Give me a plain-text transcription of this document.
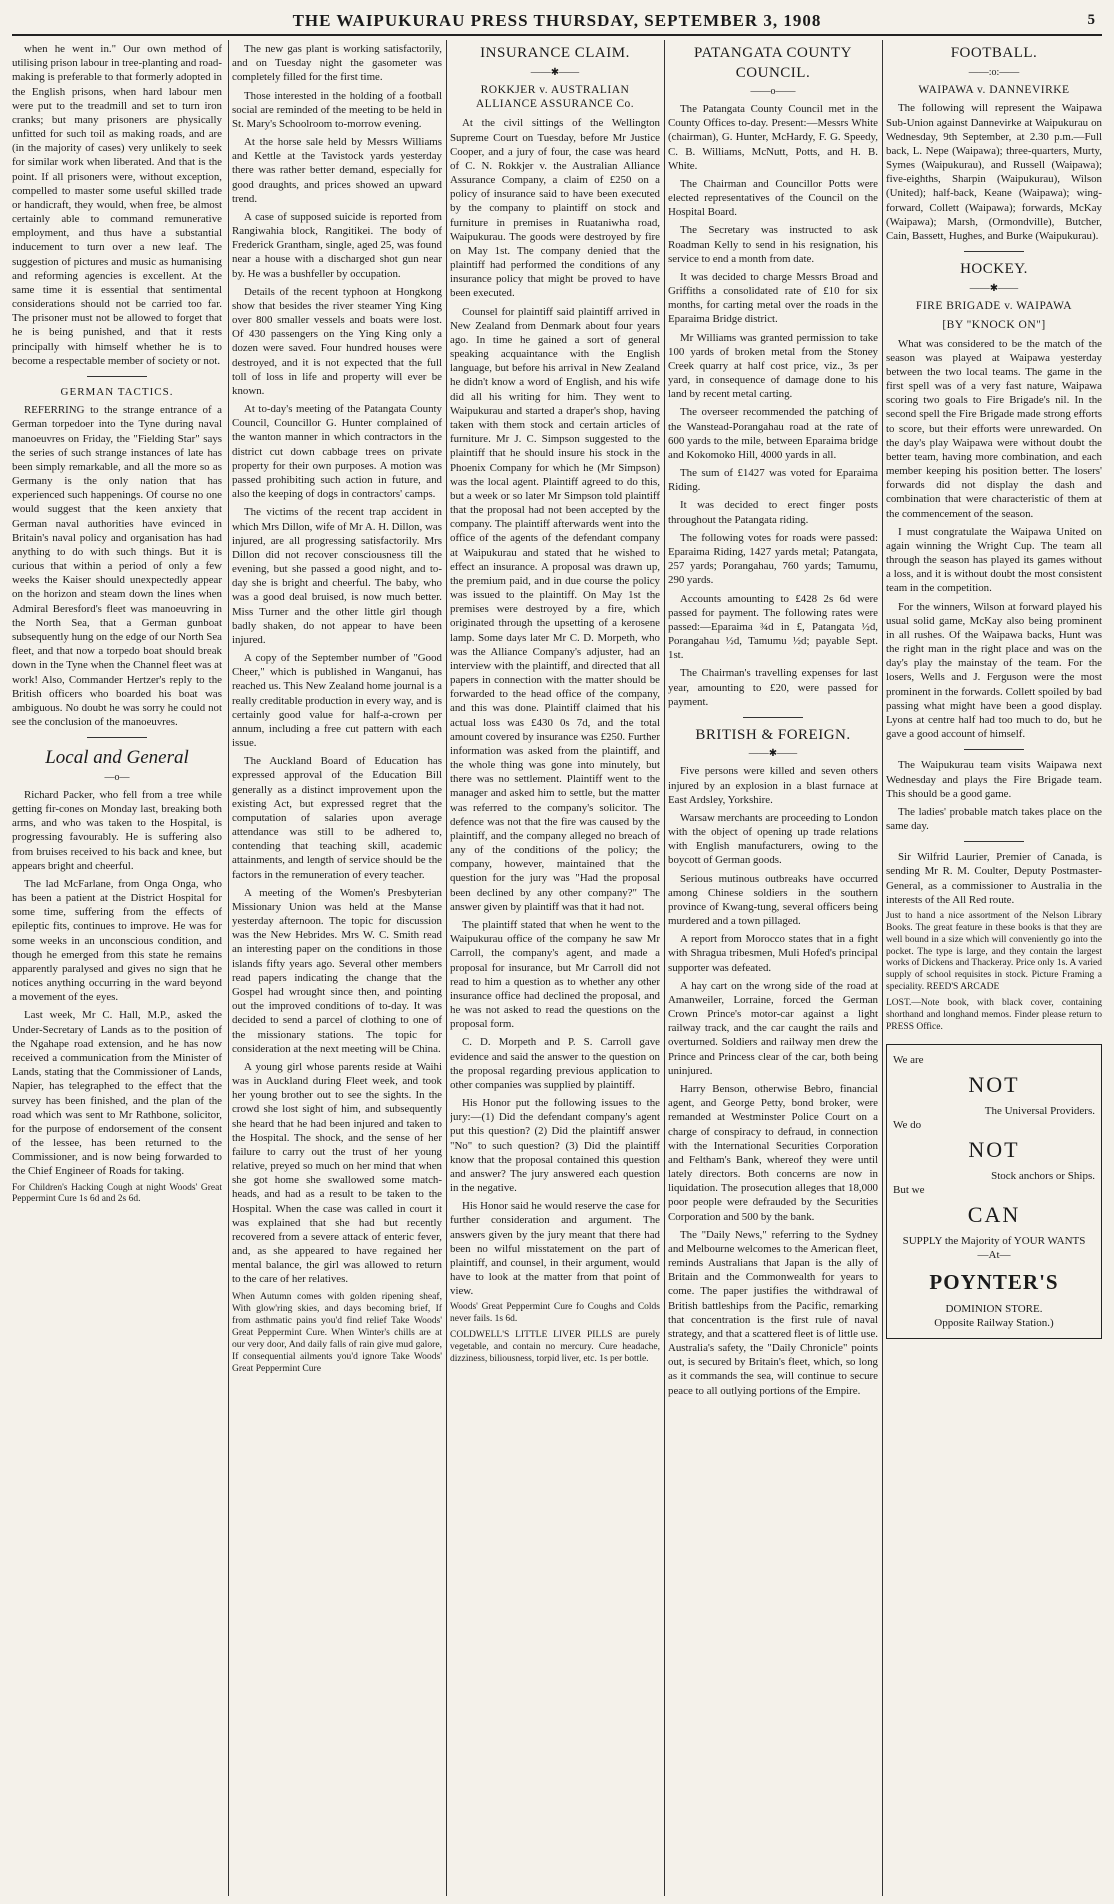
THE WAIPUKURAU PRESS THURSDAY, SEPTEMBER 3, 1908	5

when he went in." Our own method of utilising prison labour in tree-planting and road-making is preferable to that formerly adopted in the English prisons, when hard labour men were put to the treadmill and set to turn iron cranks; but many prisoners are physically unfitted for such toil as making roads, and are (in the majority of cases) very unlikely to seek for similar work when liberated. And that is the point. If all prisoners were, without exception, compelled to master some useful skilled trade or handicraft, they would, when free, be almost certainly able to command remunerative employment, and thus have a substantial inducement to turn over a new leaf. The suggestion of pictures and music as humanising and reforming agencies is excellent. At the same time it is essential that sentimental considerations should not be carried too far. The prisoner must not be allowed to forget that he is being punished, and that it rests principally with himself whether he is to become a respectable member of society or not.

GERMAN TACTICS.

REFERRING to the strange entrance of a German torpedoer into the Tyne during naval manoeuvres on Friday, the "Fielding Star" says the series of such strange instances of late has been simply remarkable, and all the more so as Germany is the only nation that has experienced such happenings. Of course no one would suggest that the keen anxiety that German naval authorities have evinced in Britain's naval policy and organisation has had anything to do with such things. But it is curious that within a period of only a few weeks the Kaiser should unexpectedly appear on the horizon and steam down the lines when Admiral Beresford's fleet was manoeuvring in the North Sea, that a German gunboat subsequently hung on the edge of our North Sea fleet, and that now a torpedo boat should break down in the Tyne when the Channel fleet was at work! Also, Commander Hertzer's reply to the British officers who boarded his boat was ambiguous. No doubt he was sorry he could not see the conclusion of the manoeuvres.

Local and General
—o—

Richard Packer, who fell from a tree while getting fir-cones on Monday last, breaking both arms, and who was taken to the Hospital, is progressing favourably. He is suffering also from bruises received to his back and knee, but appears bright and cheerful.

The lad McFarlane, from Onga Onga, who has been a patient at the District Hospital for some time, suffering from the effects of epileptic fits, continues to improve. He was for some weeks in an unconscious condition, and though he emerged from this state he remains apparently paralysed and gives no sign that he notices anything occurring in the ward beyond a movement of the eyes.

Last week, Mr C. Hall, M.P., asked the Under-Secretary of Lands as to the position of the Ngahape road extension, and he has now received a communication from the Minister of Lands, stating that the Commissioner of Lands, Napier, has telegraphed to the effect that the survey has been finished, and the plan of the road which was sent to Mr Rathbone, solicitor, for the purpose of endorsement of the consent of the lessee, has been returned to the Commissioner, and is now being forwarded to the Chief Engineer of Roads for taking.

For Children's Hacking Cough at night Woods' Great Peppermint Cure 1s 6d and 2s 6d.

The new gas plant is working satisfactorily, and on Tuesday night the gasometer was completely filled for the first time.

Those interested in the holding of a football social are reminded of the meeting to be held in St. Mary's Schoolroom to-morrow evening.

At the horse sale held by Messrs Williams and Kettle at the Tavistock yards yesterday there was rather better demand, especially for good draughts, and prices showed an upward trend.

A case of supposed suicide is reported from Rangiwahia block, Rangitikei. The body of Frederick Grantham, single, aged 25, was found near a house with a discharged shot gun near by. He was a bushfeller by occupation.

Details of the recent typhoon at Hongkong show that besides the river steamer Ying King over 800 smaller vessels and boats were lost. Of 430 passengers on the Ying King only a dozen were saved. Four hundred houses were destroyed, and it is not expected that the full toll of loss in life and property will ever be known.

At to-day's meeting of the Patangata County Council, Councillor G. Hunter complained of the wanton manner in which contractors in the district cut down cabbage trees on private property for their own purposes. A motion was passed prohibiting such action in future, and also the keeping of dogs in contractors' camps.

The victims of the recent trap accident in which Mrs Dillon, wife of Mr A. H. Dillon, was injured, are all progressing satisfactorily. Mrs Dillon did not recover consciousness till the evening, but she passed a good night, and to-day she is bright and cheerful. The baby, who was a good deal bruised, is now much better. Miss Turner and the other little girl though badly shaken, do not appear to have been injured.

A copy of the September number of "Good Cheer," which is published in Wanganui, has reached us. This New Zealand home journal is a really creditable production in every way, and is certainly good value for half-a-crown per annum, including a free cut pattern with each issue.

The Auckland Board of Education has expressed approval of the Education Bill generally as a distinct improvement upon the existing Act, but expressed regret that the computation of salaries upon average attendance was still to be adhered to, contending that teaching skill, academic attainments, and length of service should be the factors in the remuneration of every teacher.

A meeting of the Women's Presbyterian Missionary Union was held at the Manse yesterday afternoon. The topic for discussion was the New Hebrides. Mrs W. C. Smith read an interesting paper on the conditions in those islands fifty years ago. Several other members read papers indicating the change that the Gospel had wrought since then, and pointing out the improved conditions of to-day. It was decided to send a parcel of clothing to one of the missionary stations. The topic for consideration at the next meeting will be China.

A young girl whose parents reside at Waihi was in Auckland during Fleet week, and took her young brother out to see the sights. In the crowd she lost sight of him, and subsequently she heard that he had been injured and taken to the Hospital. The shock, and the sense of her failure to carry out the trust of her young relative, preyed so much on her mind that when she got home she swallowed some match-heads, and had as a result to be taken to the Hospital. When the case was called in court it was explained that she had but recently recovered from a severe attack of enteric fever, and, as she appeared to have regained her mental balance, the girl was allowed to return to the care of her relatives.

When Autumn comes with golden ripening sheaf, With glow'ring skies, and days becoming brief, If from asthmatic pains you'd find relief Take Woods' Great Peppermint Cure. When Winter's chills are at our very door, And daily falls of rain give mud galore, If consequential ailments you'd ignore Take Woods' Great Peppermint Cure

INSURANCE CLAIM.
——✱——
ROKKJER v. AUSTRALIAN ALLIANCE ASSURANCE Co.

At the civil sittings of the Wellington Supreme Court on Tuesday, before Mr Justice Cooper, and a jury of four, the case was heard of C. N. Rokkjer v. the Australian Alliance Assurance Company, a claim of £250 on a policy of insurance said to have been executed by the company to plaintiff on stock and furniture in premises in Ruataniwha road, Waipukurau. The goods were destroyed by fire on May 1st. The company denied that the plaintiff had performed the conditions of any insurance policy that might be proved to have been executed.

Counsel for plaintiff said plaintiff arrived in New Zealand from Denmark about four years ago. In time he gained a sort of general speaking acquaintance with the English language, but before his arrival in New Zealand he didn't know a word of English, and his wife did all his writing for him. They went to Waipukurau and started a draper's shop, having taken with them stock and certain articles of furniture. Mr J. C. Simpson suggested to the plaintiff that he should insure his stock in the Phoenix Company for which he (Mr Simpson) was the local agent. Plaintiff agreed to do this, but a week or so later Mr Simpson told plaintiff that the proposal had not been accepted by the company. The plaintiff afterwards went into the office of the agents of the defendant company at Waipukurau and stated that he wished to effect an insurance. A proposal was drawn up, the premium paid, and in due course the policy was issued to the plaintiff. On May 1st the premises were destroyed by a fire, which originated through the upsetting of a kerosene lamp. Some days later Mr C. D. Morpeth, who was the Alliance Company's adjuster, had an interview with the plaintiff, and directed that all papers in connection with the matter should be forwarded to the head office of the company, and this was done. Plaintiff claimed that his actual loss was £430 0s 7d, and the total amount covered by insurance was £250. Further information was asked from the plaintiff, and the whole thing was gone into minutely, but there was no settlement. Plaintiff went to the manager and asked him to settle, but the matter was referred to the company's solicitor. The defence was not that the fire was caused by the plaintiff, and the company alleged no breach of any of the conditions of the policy; the company, however, maintained that the question for the jury was "Had the proposal been declined by any other company?" The answer given by plaintiff was that it had not.

The plaintiff stated that when he went to the Waipukurau office of the company he saw Mr Carroll, the company's agent, and made a proposal for insurance, but Mr Carroll did not read to him a question as to whether any other insurance office had declined the proposal, and he was not asked to read the questions on the proposal form.

C. D. Morpeth and P. S. Carroll gave evidence and said the answer to the question on the proposal regarding previous application to other companies was supplied by plaintiff.

His Honor put the following issues to the jury:—(1) Did the defendant company's agent put this question? (2) Did the plaintiff answer "No" to such question? (3) Did the plaintiff know that the proposal contained this question and answer? The jury answered each question in the negative.

His Honor said he would reserve the case for further consideration and argument. The answers given by the jury meant that there had been no wilful misstatement on the part of plaintiff, and counsel, in their argument, would have to look at the matter from that point of view.

Woods' Great Peppermint Cure fo Coughs and Colds never fails. 1s 6d.

COLDWELL'S LITTLE LIVER PILLS are purely vegetable, and contain no mercury. Cure headache, dizziness, biliousness, torpid liver, etc. 1s per bottle.

PATANGATA COUNTY COUNCIL.
——o——

The Patangata County Council met in the County Offices to-day. Present:—Messrs White (chairman), G. Hunter, McHardy, F. G. Speedy, C. B. Williams, McNutt, Potts, and H. B. White.

The Chairman and Councillor Potts were elected representatives of the Council on the Hospital Board.

The Secretary was instructed to ask Roadman Kelly to send in his resignation, his service to end a month from date.

It was decided to charge Messrs Broad and Griffiths a consolidated rate of £10 for six months, for carting metal over the roads in the Eparaima Bridge district.

Mr Williams was granted permission to take 100 yards of broken metal from the Stoney Creek quarry at half cost price, viz., 3s per yard, in consequence of damage done to his land by recent metal carting.

The overseer recommended the patching of the Wanstead-Porangahau road at the rate of 600 yards to the mile, between Eparaima bridge and Kokomoko Hill, 4000 yards in all.

The sum of £1427 was voted for Eparaima Riding.

It was decided to erect finger posts throughout the Patangata riding.

The following votes for roads were passed: Eparaima Riding, 1427 yards metal; Patangata, 257 yards; Porangahau, 760 yards; Tamumu, 290 yards.

Accounts amounting to £428 2s 6d were passed for payment. The following rates were passed:—Eparaima ¾d in £, Patangata ½d, Porangahau ½d, Tamumu ½d; payable Sept. 1st.

The Chairman's travelling expenses for last year, amounting to £20, were passed for payment.

BRITISH & FOREIGN.
——✱——

Five persons were killed and seven others injured by an explosion in a blast furnace at East Ardsley, Yorkshire.

Warsaw merchants are proceeding to London with the object of opening up trade relations with English manufacturers, owing to the boycott of German goods.

Serious mutinous outbreaks have occurred among Chinese soldiers in the southern province of Kwang-tung, several officers being murdered and a town pillaged.

A report from Morocco states that in a fight with Shragua tribesmen, Muli Hofed's principal supporter was defeated.

A hay cart on the wrong side of the road at Amanweiler, Lorraine, forced the German Crown Prince's motor-car against a light railway track, and the car caught the rails and overturned. Soldiers and railway men drew the Prince and Princess clear of the car, both being uninjured.

Harry Benson, otherwise Bebro, financial agent, and George Petty, bond broker, were remanded at Westminster Police Court on a charge of conspiracy to defraud, in connection with the International Securities Corporation and Feltham's Bank, whereof they were until lately directors. Both concerns are now in liquidation. The prosecution alleges that 18,000 poor people were defrauded by the Securities Corporation and 500 by the bank.

The "Daily News," referring to the Sydney and Melbourne welcomes to the American fleet, reminds Australians that Japan is the ally of Britain and the Commonwealth for years to come. The paper justifies the withdrawal of British battleships from the Pacific, remarking that concentration is the first rule of naval strategy, and that a scattered fleet is of little use. Australia's safety, the "Daily Chronicle" points out, is secured by Britain's fleet, which, so long as it commands the sea, will continue to secure peace to all outlying portions of the Empire.

FOOTBALL.
——:o:——
WAIPAWA v. DANNEVIRKE

The following will represent the Waipawa Sub-Union against Dannevirke at Waipukurau on Wednesday, 9th September, at 2.30 p.m.—Full back, L. Nepe (Waipawa); three-quarters, Murty, Symes (Waipukurau), and Russell (Waipawa); five-eighths, Sharpin (Waipukurau), Wilson (United); half-back, Keane (Waipawa); wing-forward, Collett (Waipawa); forwards, McKay (Waipawa); Marsh, (Ormondville), Butcher, Cain, Bassett, Hughes, and Burke (Waipukurau).

HOCKEY.
——✱——
FIRE BRIGADE v. WAIPAWA
[BY "KNOCK ON"]

What was considered to be the match of the season was played at Waipawa yesterday between the two local teams. The game in the first spell was of a very fast nature, Waipawa scoring two goals to Fire Brigade's nil. In the second spell the Fire Brigade made strong efforts to score, but their efforts were unrewarded. On the day's play Waipawa were without doubt the better team, having more combination, and each member keeping his position better. The losers' forwards did not display the dash and combination that were characteristic of them at the commencement of the season.

I must congratulate the Waipawa United on again winning the Wright Cup. The team all through the season has played its games without a loss, and it is without doubt the most consistent team in the competition.

For the winners, Wilson at forward played his usual solid game, McKay also being prominent in all rushes. Of the Waipawa backs, Hunt was the right man in the right place and was on the day's play the mainstay of the team. For the losers, Wells and J. Ferguson were the most prominent in the forwards. Collett spoiled by bad passing what might have been a good display. Lyons at centre half had too much to do, but he gave a good account of himself.

The Waipukurau team visits Waipawa next Wednesday and plays the Fire Brigade team. This should be a good game.

The ladies' probable match takes place on the same day.

Sir Wilfrid Laurier, Premier of Canada, is sending Mr R. M. Coulter, Deputy Postmaster-General, as a commissioner to Australia in the interests of the All Red route.

Just to hand a nice assortment of the Nelson Library Books. The great feature in these books is that they are well bound in a size which will conveniently go into the pocket. The type is large, and they contain the largest works of Dickens and Thackeray. Price only 1s. A varied supply of school requisites in stock. Picture Framing a speciality. REED'S ARCADE

LOST.—Note book, with black cover, containing shorthand and longhand memos. Finder please return to PRESS Office.

We are
NOT
The Universal Providers.
We do
NOT
Stock anchors or Ships.
But we
CAN
SUPPLY the Majority of YOUR WANTS
—At—
POYNTER'S
DOMINION STORE.
Opposite Railway Station.)
